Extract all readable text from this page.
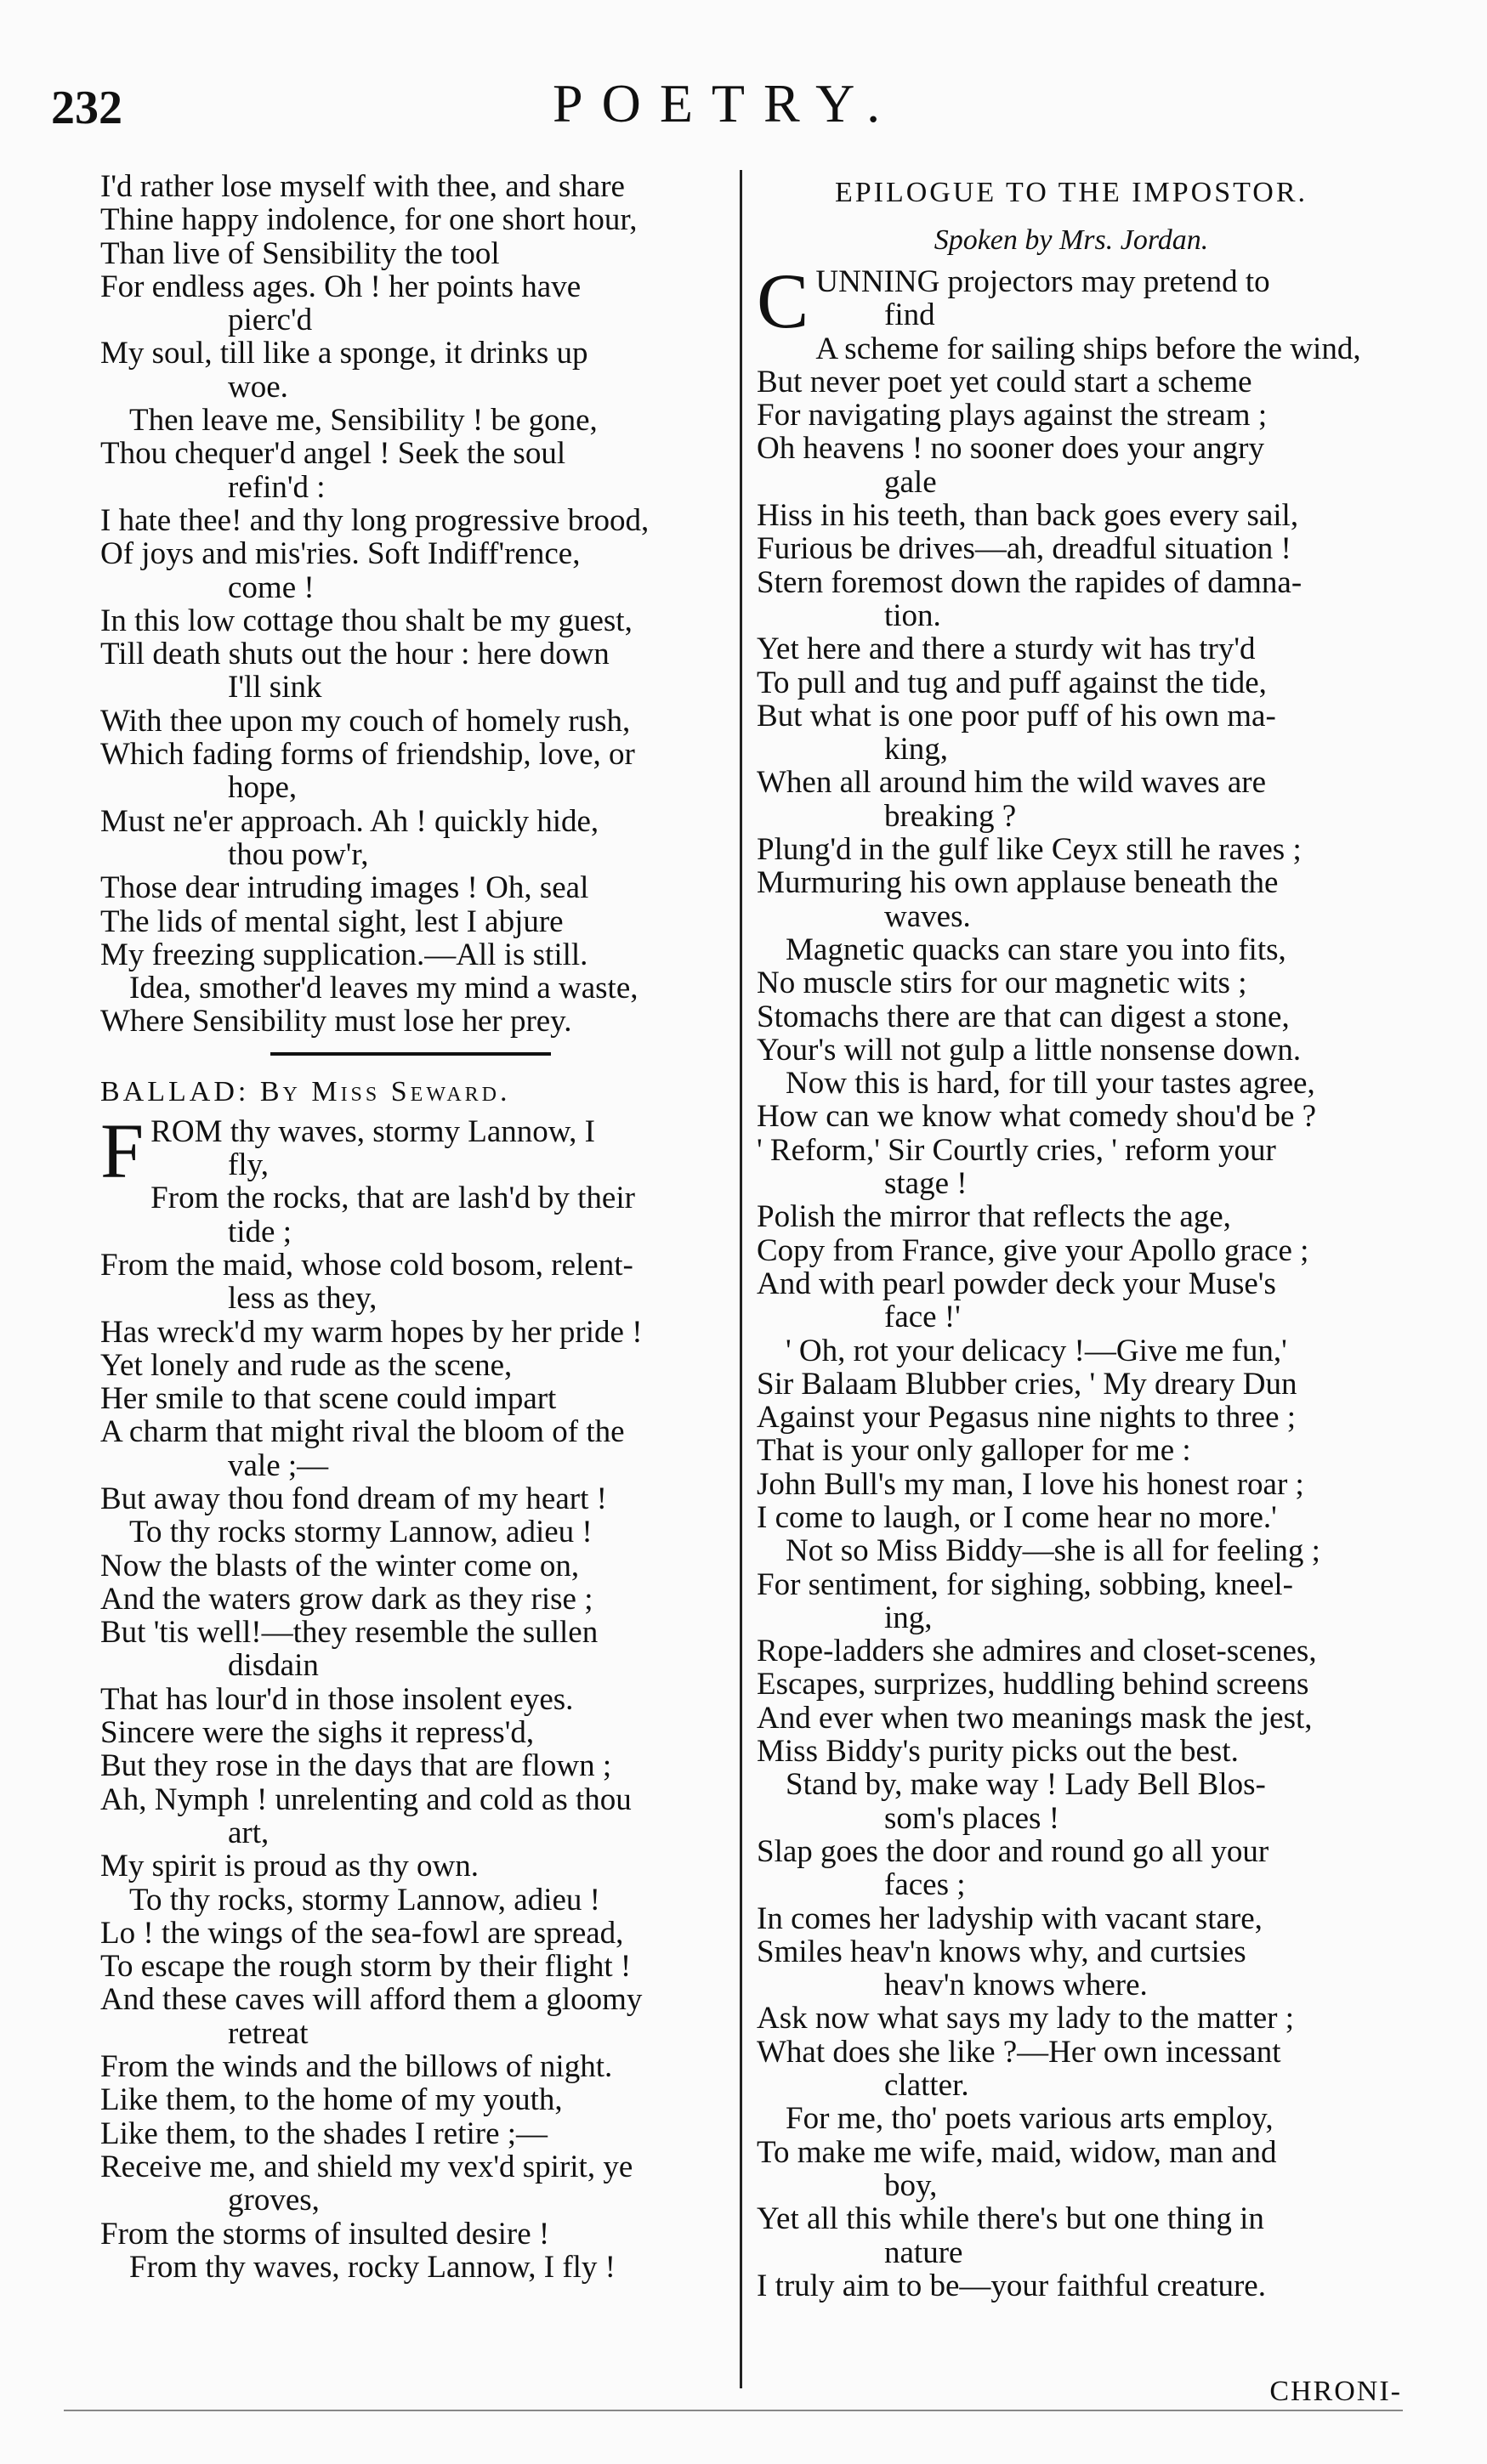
232	POETRY.
I'd rather lose myself with thee, and share
Thine happy indolence, for one short hour,
Than live of Sensibility the tool
For endless ages. Oh ! her points have
pierc'd
My soul, till like a sponge, it drinks up
woe.
Then leave me, Sensibility ! be gone,
Thou chequer'd angel ! Seek the soul
refin'd :
I hate thee! and thy long progressive brood,
Of joys and mis'ries. Soft Indiff'rence,
come !
In this low cottage thou shalt be my guest,
Till death shuts out the hour : here down
I'll sink
With thee upon my couch of homely rush,
Which fading forms of friendship, love, or
hope,
Must ne'er approach. Ah ! quickly hide,
thou pow'r,
Those dear intruding images ! Oh, seal
The lids of mental sight, lest I abjure
My freezing supplication.—All is still.
Idea, smother'd leaves my mind a waste,
Where Sensibility must lose her prey.
BALLAD: By Miss Seward.
F ROM thy waves, stormy Lannow, I
fly,
From the rocks, that are lash'd by their
tide ;
From the maid, whose cold bosom, relent-
less as they,
Has wreck'd my warm hopes by her pride !
Yet lonely and rude as the scene,
Her smile to that scene could impart
A charm that might rival the bloom of the
vale ;—
But away thou fond dream of my heart !
To thy rocks stormy Lannow, adieu !
Now the blasts of the winter come on,
And the waters grow dark as they rise ;
But 'tis well!—they resemble the sullen
disdain
That has lour'd in those insolent eyes.
Sincere were the sighs it repress'd,
But they rose in the days that are flown ;
Ah, Nymph ! unrelenting and cold as thou
art,
My spirit is proud as thy own.
To thy rocks, stormy Lannow, adieu !
Lo ! the wings of the sea-fowl are spread,
To escape the rough storm by their flight !
And these caves will afford them a gloomy
retreat
From the winds and the billows of night.
Like them, to the home of my youth,
Like them, to the shades I retire ;—
Receive me, and shield my vex'd spirit, ye
groves,
From the storms of insulted desire !
From thy waves, rocky Lannow, I fly !
EPILOGUE TO THE IMPOSTOR.
Spoken by Mrs. Jordan.
C UNNING projectors may pretend to
find
A scheme for sailing ships before the wind,
But never poet yet could start a scheme
For navigating plays against the stream ;
Oh heavens ! no sooner does your angry
gale
Hiss in his teeth, than back goes every sail,
Furious be drives—ah, dreadful situation !
Stern foremost down the rapides of damna-
tion.
Yet here and there a sturdy wit has try'd
To pull and tug and puff against the tide,
But what is one poor puff of his own ma-
king,
When all around him the wild waves are
breaking ?
Plung'd in the gulf like Ceyx still he raves ;
Murmuring his own applause beneath the
waves.
Magnetic quacks can stare you into fits,
No muscle stirs for our magnetic wits ;
Stomachs there are that can digest a stone,
Your's will not gulp a little nonsense down.
Now this is hard, for till your tastes agree,
How can we know what comedy shou'd be ?
' Reform,' Sir Courtly cries, ' reform your
stage !
Polish the mirror that reflects the age,
Copy from France, give your Apollo grace ;
And with pearl powder deck your Muse's
face !'
' Oh, rot your delicacy !—Give me fun,'
Sir Balaam Blubber cries, ' My dreary Dun
Against your Pegasus nine nights to three ;
That is your only galloper for me :
John Bull's my man, I love his honest roar ;
I come to laugh, or I come hear no more.'
Not so Miss Biddy—she is all for feeling ;
For sentiment, for sighing, sobbing, kneel-
ing,
Rope-ladders she admires and closet-scenes,
Escapes, surprizes, huddling behind screens
And ever when two meanings mask the jest,
Miss Biddy's purity picks out the best.
Stand by, make way ! Lady Bell Blos-
som's places !
Slap goes the door and round go all your
faces ;
In comes her ladyship with vacant stare,
Smiles heav'n knows why, and curtsies
heav'n knows where.
Ask now what says my lady to the matter ;
What does she like ?—Her own incessant
clatter.
For me, tho' poets various arts employ,
To make me wife, maid, widow, man and
boy,
Yet all this while there's but one thing in
nature
I truly aim to be—your faithful creature.
CHRONI-
